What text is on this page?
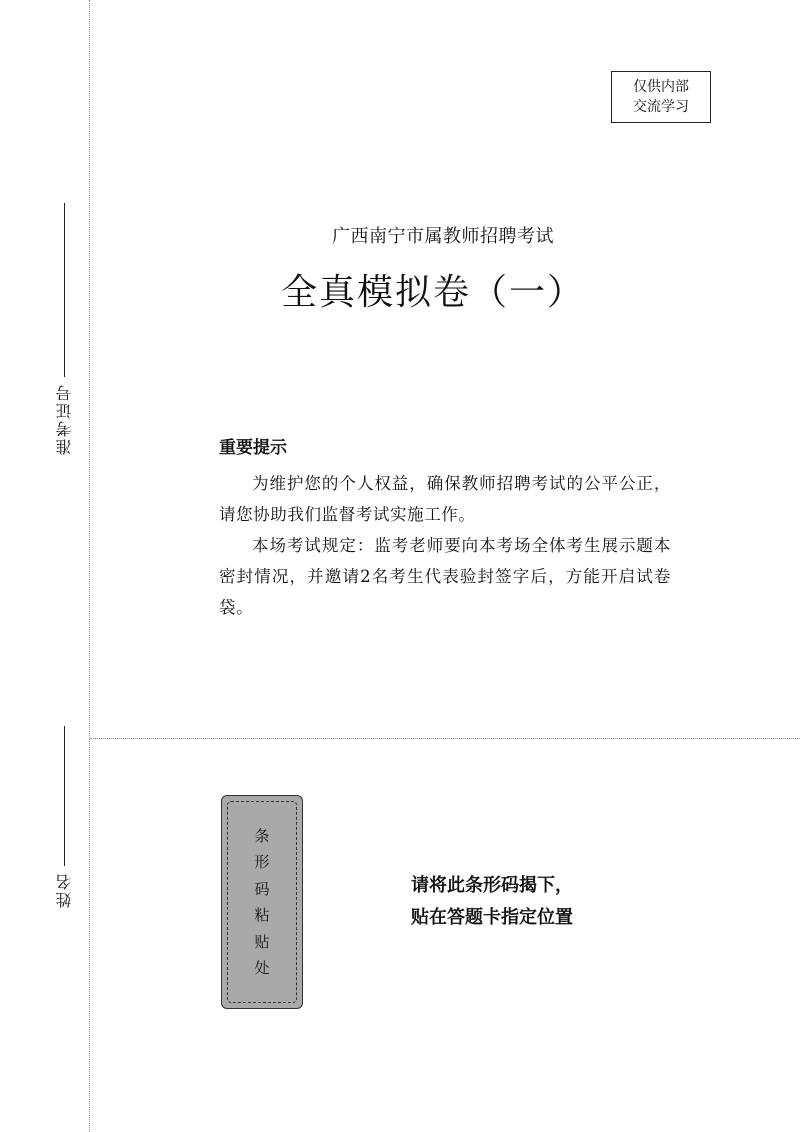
准考证号
姓名
仅供内部
交流学习
广西南宁市属教师招聘考试
全真模拟卷（一）
重要提示

为维护您的个人权益，确保教师招聘考试的公平公正，请您协助我们监督考试实施工作。

本场考试规定：监考老师要向本考场全体考生展示题本密封情况，并邀请2名考生代表验封签字后，方能开启试卷袋。

条
形
码
粘
贴
处
请将此条形码揭下，
贴在答题卡指定位置
